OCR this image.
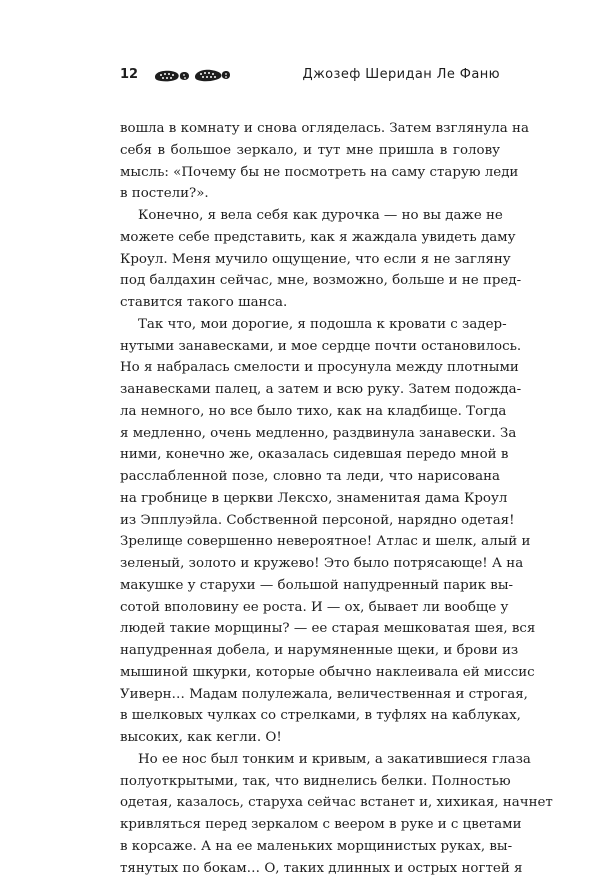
12	Джозеф Шеридан Ле Фаню
вошла в комнату и снова огляделась. Затем взглянула на
себя в большое зеркало, и тут мне пришла в голову
мысль: «Почему бы не посмотреть на саму старую леди
в постели?».
Конечно, я вела себя как дурочка — но вы даже не
можете себе представить, как я жаждала увидеть даму
Кроул. Меня мучило ощущение, что если я не загляну
под балдахин сейчас, мне, возможно, больше и не пред-
ставится такого шанса.
Так что, мои дорогие, я подошла к кровати с задер-
нутыми занавесками, и мое сердце почти остановилось.
Но я набралась смелости и просунула между плотными
занавесками палец, а затем и всю руку. Затем подожда-
ла немного, но все было тихо, как на кладбище. Тогда
я медленно, очень медленно, раздвинула занавески. За
ними, конечно же, оказалась сидевшая передо мной в
расслабленной позе, словно та леди, что нарисована
на гробнице в церкви Лексхо, знаменитая дама Кроул
из Эпплуэйла. Собственной персоной, нарядно одетая!
Зрелище совершенно невероятное! Атлас и шелк, алый и
зеленый, золото и кружево! Это было потрясающе! А на
макушке у старухи — большой напудренный парик вы-
сотой вполовину ее роста. И — ох, бывает ли вообще у
людей такие морщины? — ее старая мешковатая шея, вся
напудренная добела, и нарумяненные щеки, и брови из
мышиной шкурки, которые обычно наклеивала ей миссис
Уиверн… Мадам полулежала, величественная и строгая,
в шелковых чулках со стрелками, в туфлях на каблуках,
высоких, как кегли. О!
Но ее нос был тонким и кривым, а закатившиеся глаза
полуоткрытыми, так, что виднелись белки. Полностью
одетая, казалось, старуха сейчас встанет и, хихикая, начнет
кривляться перед зеркалом с веером в руке и с цветами
в корсаже. А на ее маленьких морщинистых руках, вы-
тянутых по бокам… О, таких длинных и острых ногтей я
